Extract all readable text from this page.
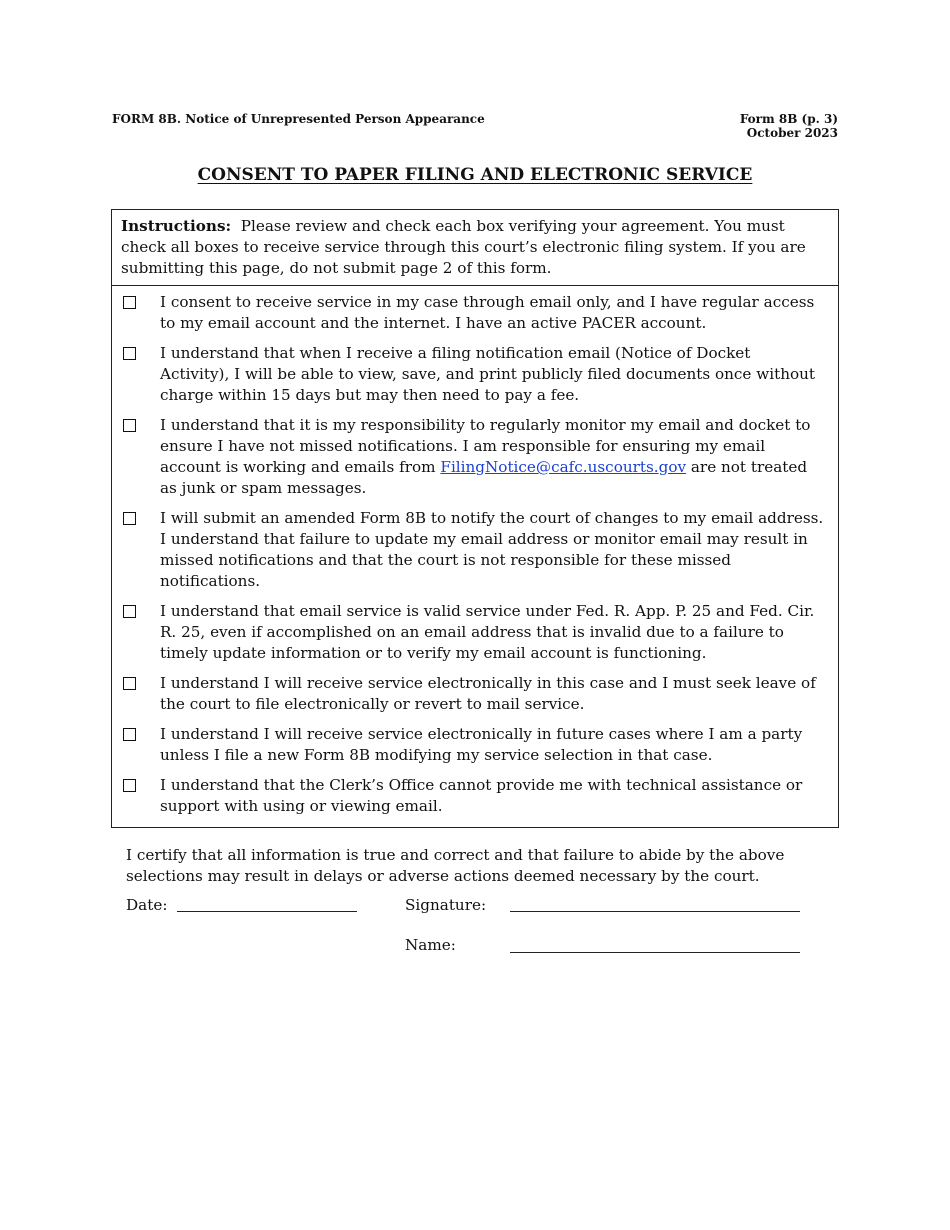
FORM 8B. Notice of Unrepresented Person Appearance	Form 8B (p. 3)
October 2023
CONSENT TO PAPER FILING AND ELECTRONIC SERVICE
Instructions: Please review and check each box verifying your agreement. You must check all boxes to receive service through this court’s electronic filing system. If you are submitting this page, do not submit page 2 of this form.
I consent to receive service in my case through email only, and I have regular access to my email account and the internet. I have an active PACER account.
I understand that when I receive a filing notification email (Notice of Docket Activity), I will be able to view, save, and print publicly filed documents once without charge within 15 days but may then need to pay a fee.
I understand that it is my responsibility to regularly monitor my email and docket to ensure I have not missed notifications. I am responsible for ensuring my email account is working and emails from FilingNotice@cafc.uscourts.gov are not treated as junk or spam messages.
I will submit an amended Form 8B to notify the court of changes to my email address. I understand that failure to update my email address or monitor email may result in missed notifications and that the court is not responsible for these missed notifications.
I understand that email service is valid service under Fed. R. App. P. 25 and Fed. Cir. R. 25, even if accomplished on an email address that is invalid due to a failure to timely update information or to verify my email account is functioning.
I understand I will receive service electronically in this case and I must seek leave of the court to file electronically or revert to mail service.
I understand I will receive service electronically in future cases where I am a party unless I file a new Form 8B modifying my service selection in that case.
I understand that the Clerk’s Office cannot provide me with technical assistance or support with using or viewing email.
I certify that all information is true and correct and that failure to abide by the above selections may result in delays or adverse actions deemed necessary by the court.
Date:	Signature:
Name:
